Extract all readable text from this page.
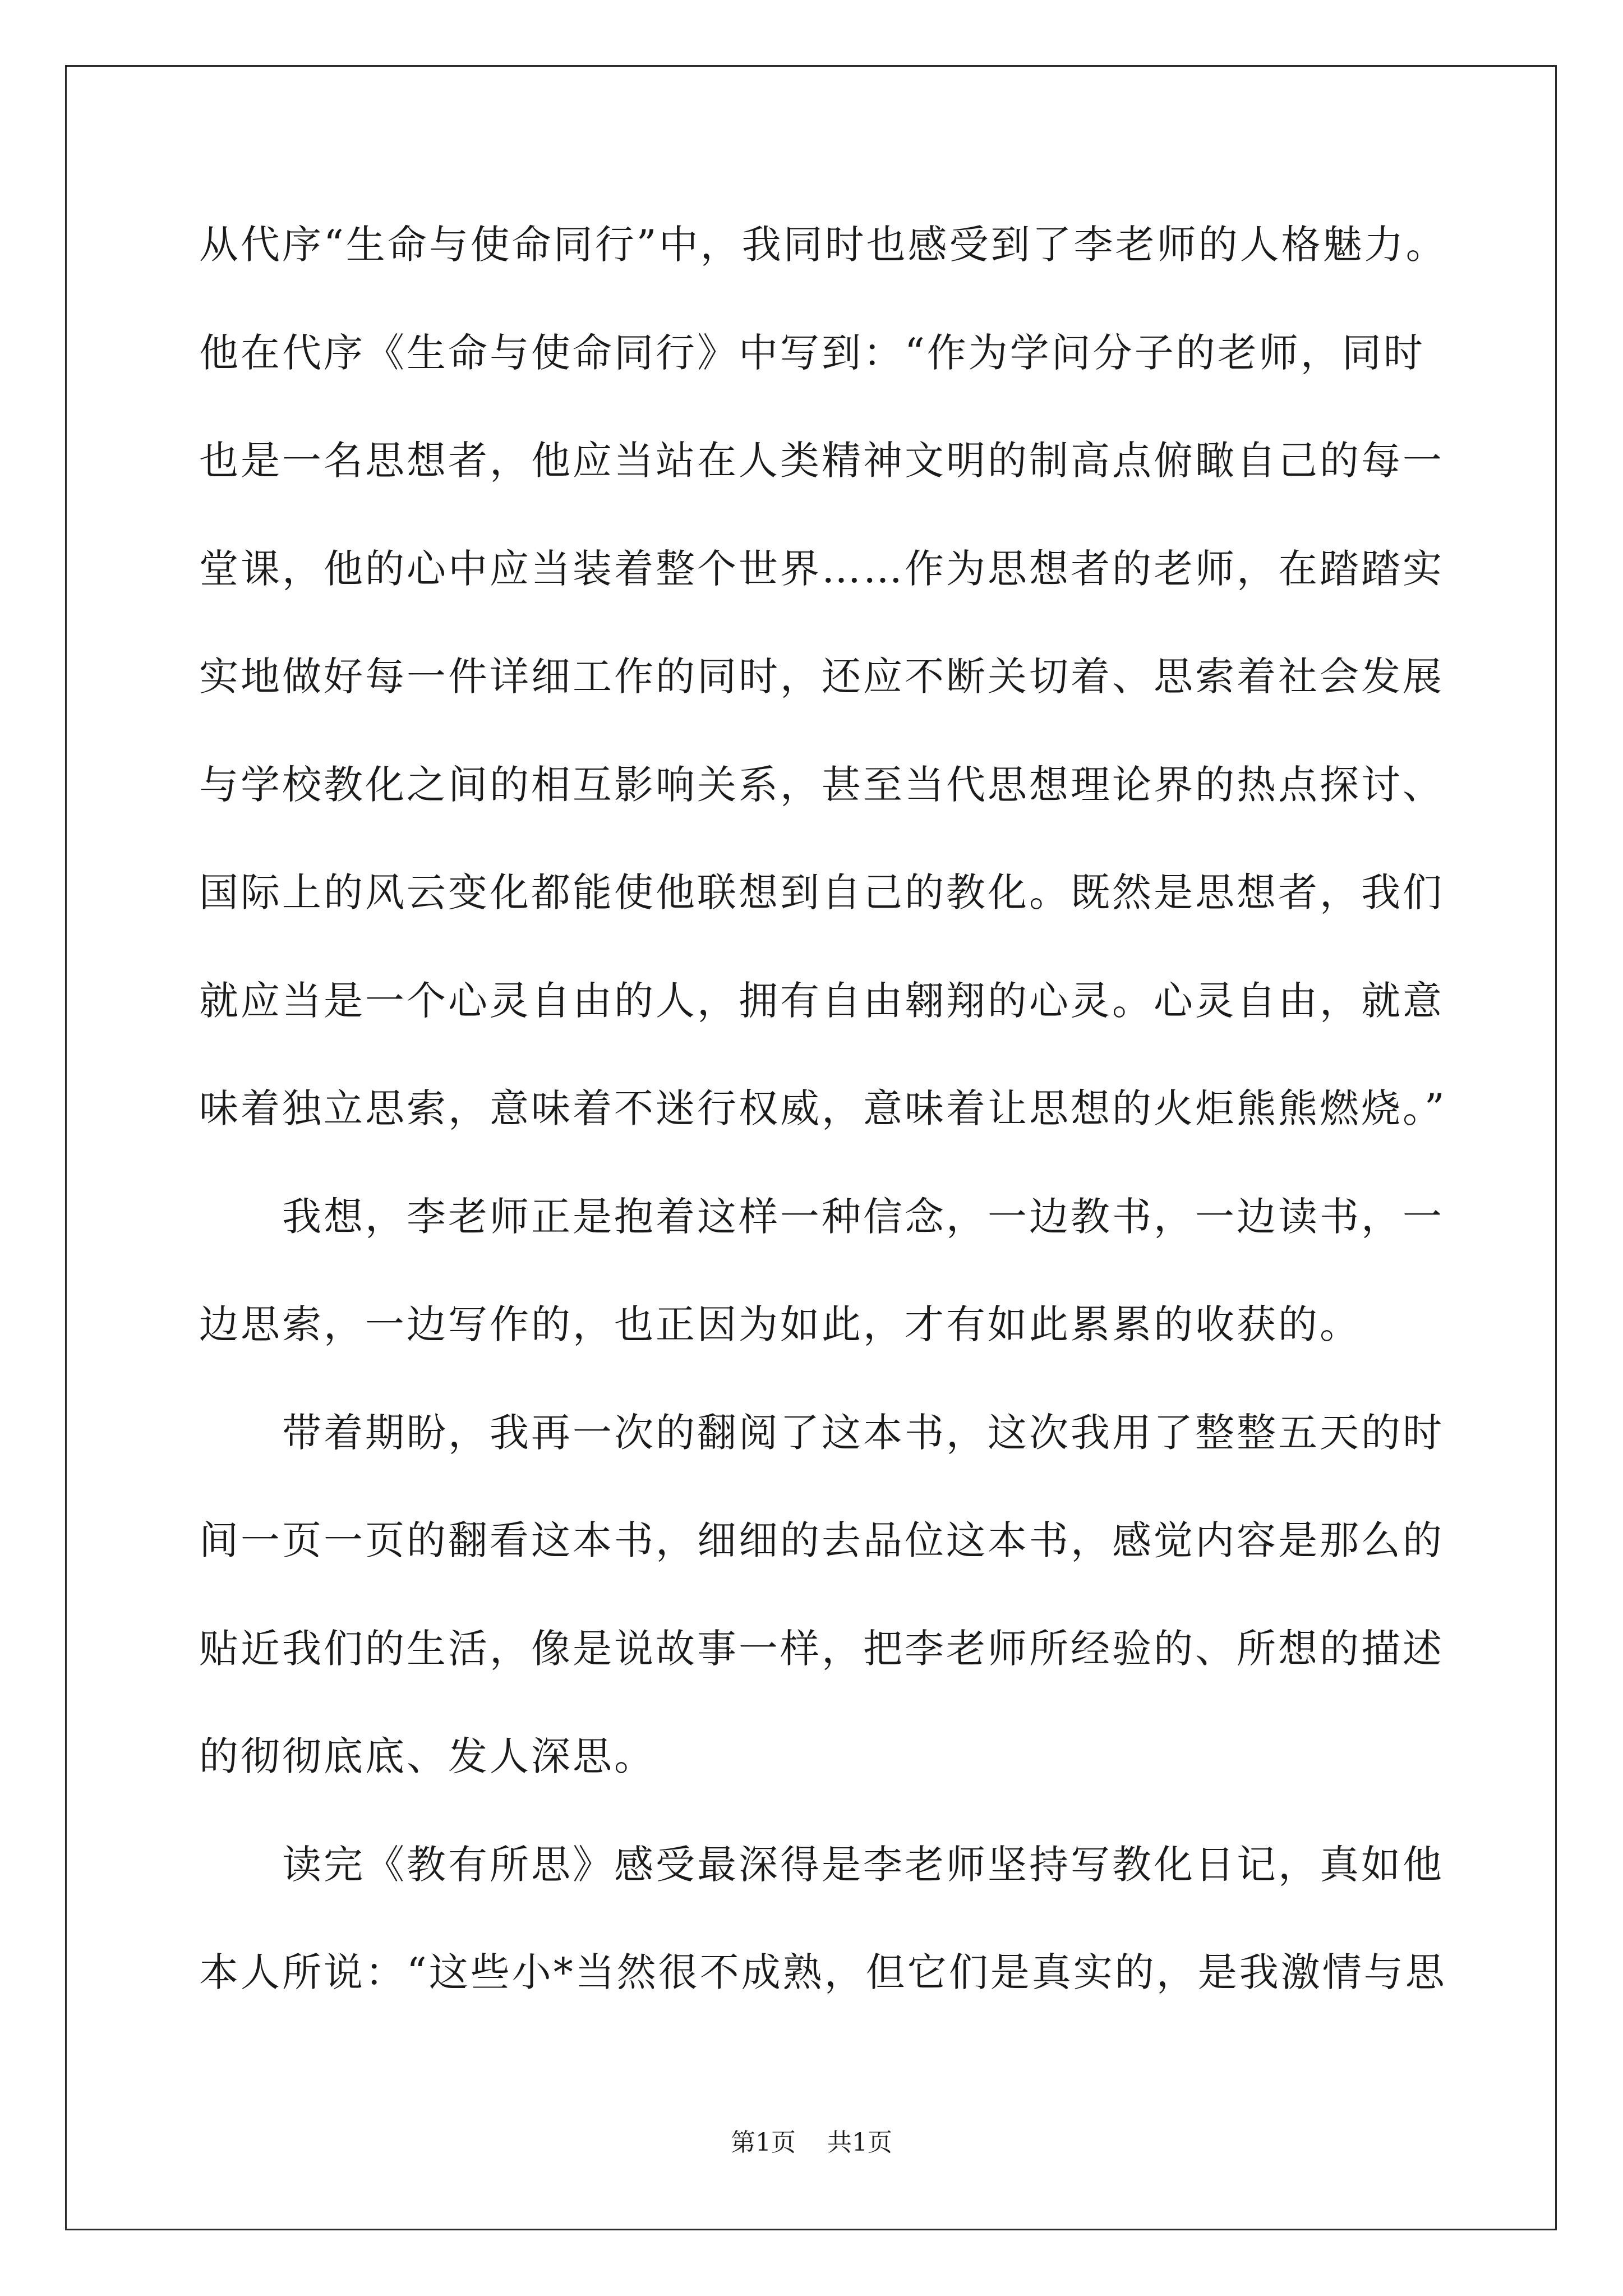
从代序“生命与使命同行”中，我同时也感受到了李老师的人格魅力。
他在代序《生命与使命同行》中写到：“作为学问分子的老师，同时
也是一名思想者，他应当站在人类精神文明的制高点俯瞰自己的每一
堂课，他的心中应当装着整个世界……作为思想者的老师，在踏踏实
实地做好每一件详细工作的同时，还应不断关切着、思索着社会发展
与学校教化之间的相互影响关系，甚至当代思想理论界的热点探讨、
国际上的风云变化都能使他联想到自己的教化。既然是思想者，我们
就应当是一个心灵自由的人，拥有自由翱翔的心灵。心灵自由，就意
味着独立思索，意味着不迷行权威，意味着让思想的火炬熊熊燃烧。”
我想，李老师正是抱着这样一种信念，一边教书，一边读书，一
边思索，一边写作的，也正因为如此，才有如此累累的收获的。
带着期盼，我再一次的翻阅了这本书，这次我用了整整五天的时
间一页一页的翻看这本书，细细的去品位这本书，感觉内容是那么的
贴近我们的生活，像是说故事一样，把李老师所经验的、所想的描述
的彻彻底底、发人深思。
读完《教有所思》感受最深得是李老师坚持写教化日记，真如他
本人所说：“这些小*当然很不成熟，但它们是真实的，是我激情与思
第1页 共1页
